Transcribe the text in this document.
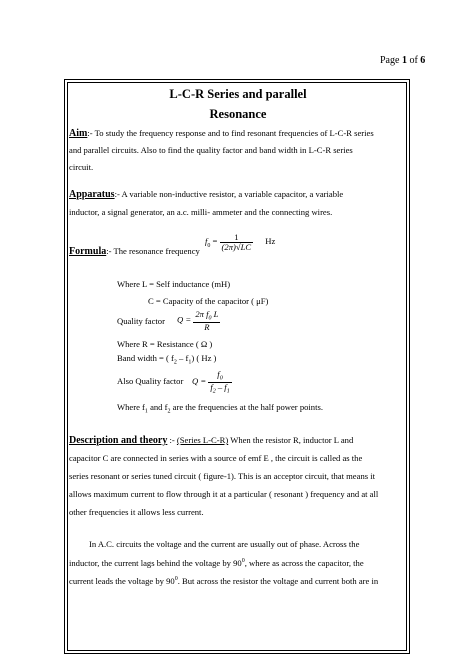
Page 1 of 6
L-C-R Series and parallel
Resonance
Aim:- To study the frequency response and to find resonant frequencies of L-C-R series
and parallel circuits. Also to find the quality factor and band width in L-C-R series
circuit.
Apparatus:- A variable non-inductive resistor, a variable capacitor, a variable
inductor, a signal generator, an a.c. milli- ammeter and the connecting wires.
Formula:- The resonance frequency
$f_0 = \frac{1}{(2\pi)√LC}$ Hz
Where L = Self inductance (mH)
C = Capacity of the capacitor ( μF)
Quality factor $Q = \frac{2\pi f_0 L}{R}$
Where R = Resistance ( Ω )
Band width = ( $f_2 - f_1$) ( Hz )
Also Quality factor $Q = \frac{f_0}{f_2 - f_1}$
Where $f_1$ and $f_2$ are the frequencies at the half power points.
Description and theory :- (Series L-C-R) When the resistor R, inductor L and
capacitor C are connected in series with a source of emf E , the circuit is called as the
series resonant or series tuned circuit ( figure-1). This is an acceptor circuit, that means it
allows maximum current to flow through it at a particular ( resonant ) frequency and at all
other frequencies it allows less current.
In A.C. circuits the voltage and the current are usually out of phase. Across the
inductor, the current lags behind the voltage by $90^0$, where as across the capacitor, the
current leads the voltage by $90^0$. But across the resistor the voltage and current both are in
